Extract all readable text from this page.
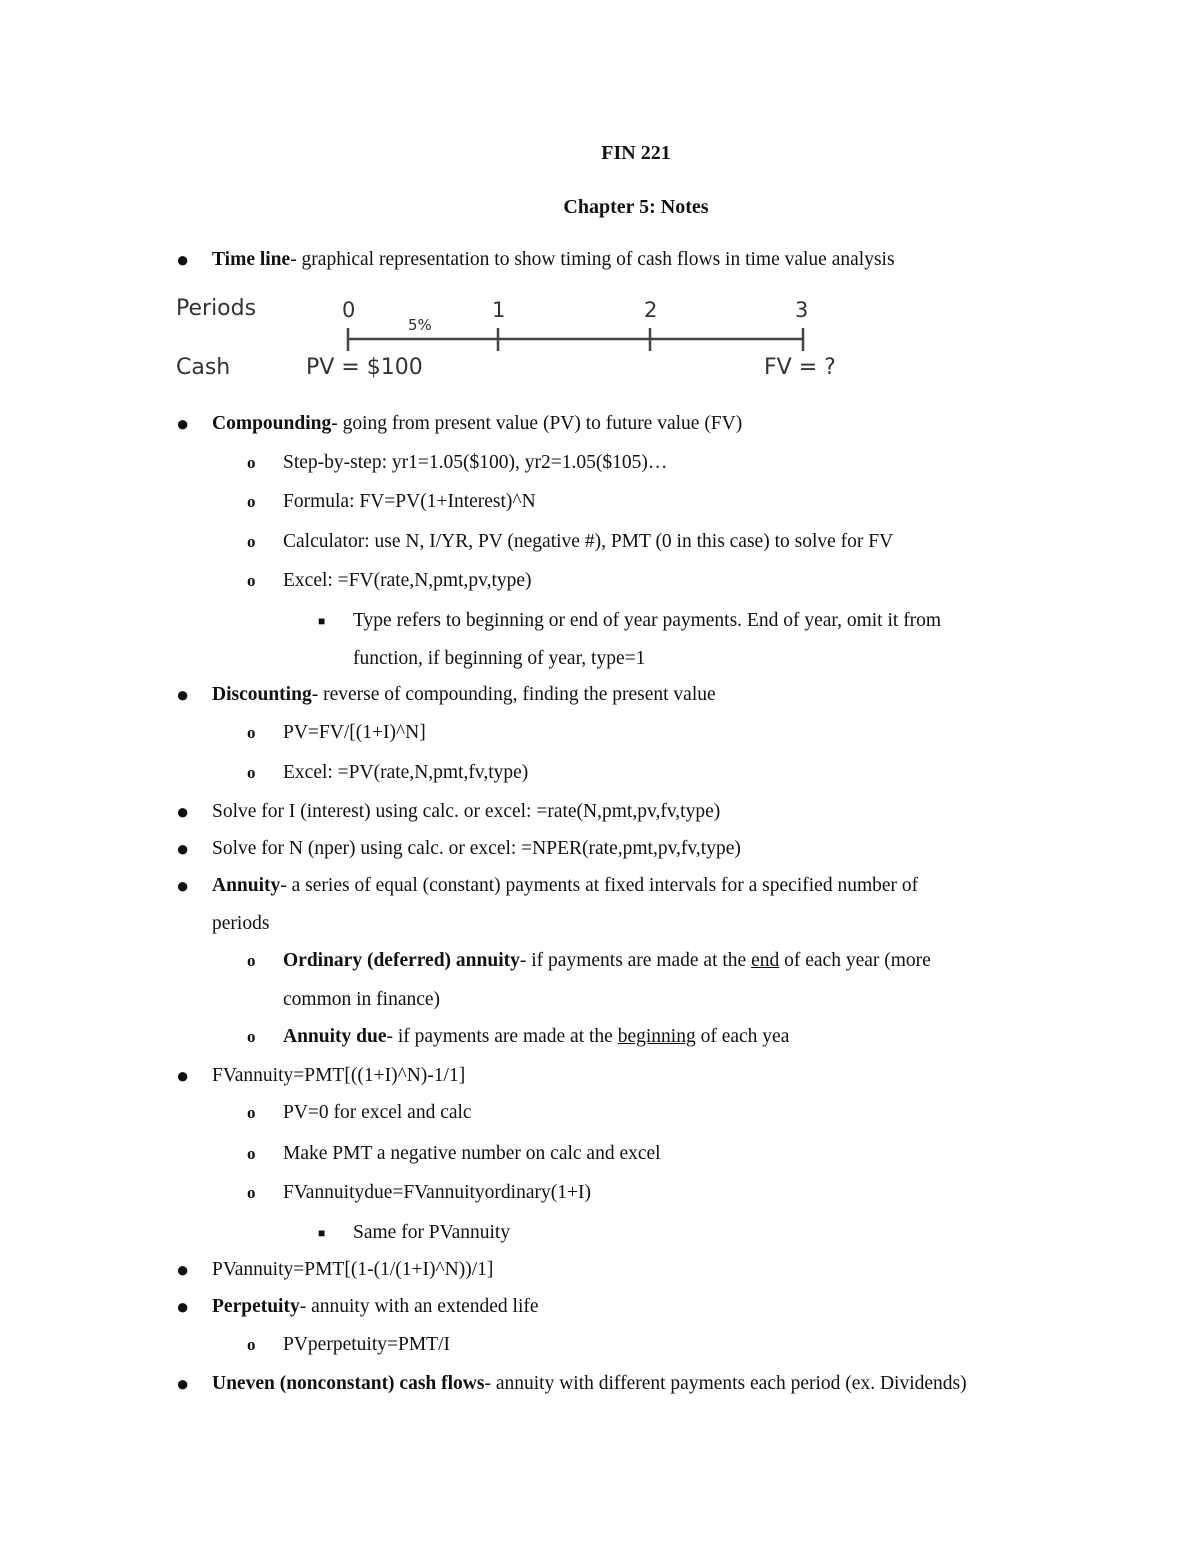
FIN 221
Chapter 5: Notes
● Time line- graphical representation to show timing of cash flows in time value analysis
Periods
Cash
0	1	2	3
5%
PV = $100	FV = ?
● Compounding- going from present value (PV) to future value (FV)
o Step-by-step: yr1=1.05($100), yr2=1.05($105)…
o Formula: FV=PV(1+Interest)^N
o Calculator: use N, I/YR, PV (negative #), PMT (0 in this case) to solve for FV
o Excel: =FV(rate,N,pmt,pv,type)
■ Type refers to beginning or end of year payments. End of year, omit it from
function, if beginning of year, type=1
● Discounting- reverse of compounding, finding the present value
o PV=FV/[(1+I)^N]
o Excel: =PV(rate,N,pmt,fv,type)
● Solve for I (interest) using calc. or excel: =rate(N,pmt,pv,fv,type)
● Solve for N (nper) using calc. or excel: =NPER(rate,pmt,pv,fv,type)
● Annuity- a series of equal (constant) payments at fixed intervals for a specified number of
periods
o Ordinary (deferred) annuity- if payments are made at the end of each year (more
common in finance)
o Annuity due- if payments are made at the beginning of each yea
● FVannuity=PMT[((1+I)^N)-1/1]
o PV=0 for excel and calc
o Make PMT a negative number on calc and excel
o FVannuitydue=FVannuityordinary(1+I)
■ Same for PVannuity
● PVannuity=PMT[(1-(1/(1+I)^N))/1]
● Perpetuity- annuity with an extended life
o PVperpetuity=PMT/I
● Uneven (nonconstant) cash flows- annuity with different payments each period (ex. Dividends)
